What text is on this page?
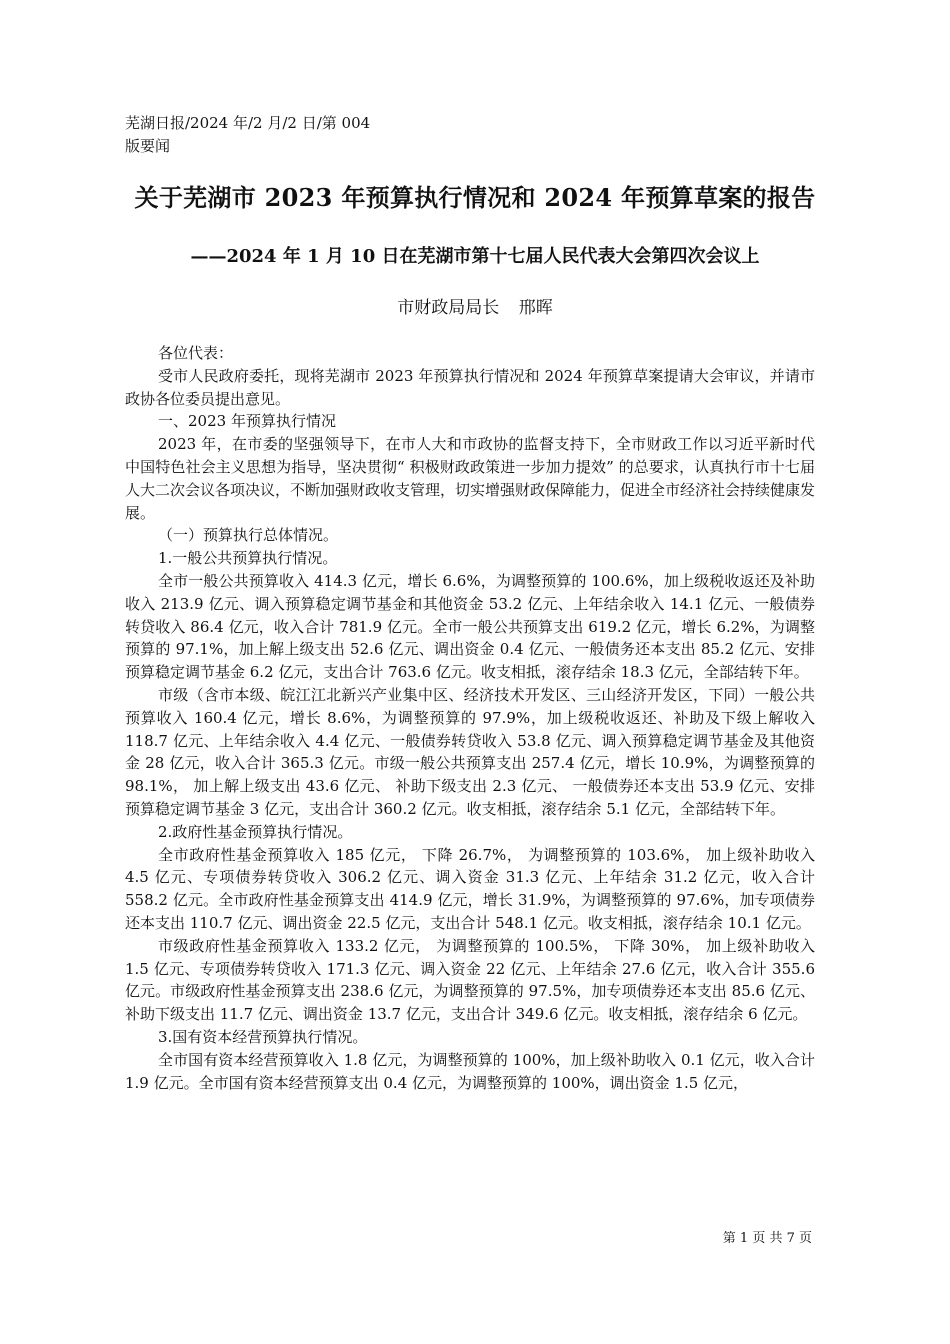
芜湖日报/2024 年/2 月/2 日/第 004 版要闻
关于芜湖市 2023 年预算执行情况和 2024 年预算草案的报告
——2024 年 1 月 10 日在芜湖市第十七届人民代表大会第四次会议上
市财政局局长 邢晖

各位代表：

受市人民政府委托，现将芜湖市 2023 年预算执行情况和 2024 年预算草案提请大会审议，并请市政协各位委员提出意见。

一、2023 年预算执行情况

2023 年，在市委的坚强领导下，在市人大和市政协的监督支持下，全市财政工作以习近平新时代中国特色社会主义思想为指导，坚决贯彻“ 积极财政政策进一步加力提效” 的总要求，认真执行市十七届人大二次会议各项决议，不断加强财政收支管理，切实增强财政保障能力，促进全市经济社会持续健康发展。

（一）预算执行总体情况。

1.一般公共预算执行情况。

全市一般公共预算收入 414.3 亿元，增长 6.6%，为调整预算的 100.6%，加上级税收返还及补助收入 213.9 亿元、调入预算稳定调节基金和其他资金 53.2 亿元、上年结余收入 14.1 亿元、一般债券转贷收入 86.4 亿元，收入合计 781.9 亿元。全市一般公共预算支出 619.2 亿元，增长 6.2%，为调整预算的 97.1%，加上解上级支出 52.6 亿元、调出资金 0.4 亿元、一般债务还本支出 85.2 亿元、安排预算稳定调节基金 6.2 亿元，支出合计 763.6 亿元。收支相抵，滚存结余 18.3 亿元，全部结转下年。

市级（含市本级、皖江江北新兴产业集中区、经济技术开发区、三山经济开发区，下同）一般公共预算收入 160.4 亿元，增长 8.6%，为调整预算的 97.9%，加上级税收返还、补助及下级上解收入 118.7 亿元、上年结余收入 4.4 亿元、一般债券转贷收入 53.8 亿元、调入预算稳定调节基金及其他资金 28 亿元，收入合计 365.3 亿元。市级一般公共预算支出 257.4 亿元，增长 10.9%，为调整预算的 98.1%， 加上解上级支出 43.6 亿元、 补助下级支出 2.3 亿元、 一般债券还本支出 53.9 亿元、安排预算稳定调节基金 3 亿元，支出合计 360.2 亿元。收支相抵，滚存结余 5.1 亿元，全部结转下年。

2.政府性基金预算执行情况。

全市政府性基金预算收入 185 亿元， 下降 26.7%， 为调整预算的 103.6%， 加上级补助收入 4.5 亿元、专项债券转贷收入 306.2 亿元、调入资金 31.3 亿元、上年结余 31.2 亿元，收入合计 558.2 亿元。全市政府性基金预算支出 414.9 亿元，增长 31.9%，为调整预算的 97.6%，加专项债券还本支出 110.7 亿元、调出资金 22.5 亿元，支出合计 548.1 亿元。收支相抵，滚存结余 10.1 亿元。

市级政府性基金预算收入 133.2 亿元， 为调整预算的 100.5%， 下降 30%， 加上级补助收入 1.5 亿元、专项债券转贷收入 171.3 亿元、调入资金 22 亿元、上年结余 27.6 亿元，收入合计 355.6 亿元。市级政府性基金预算支出 238.6 亿元，为调整预算的 97.5%，加专项债券还本支出 85.6 亿元、补助下级支出 11.7 亿元、调出资金 13.7 亿元，支出合计 349.6 亿元。收支相抵，滚存结余 6 亿元。

3.国有资本经营预算执行情况。

全市国有资本经营预算收入 1.8 亿元，为调整预算的 100%，加上级补助收入 0.1 亿元，收入合计 1.9 亿元。全市国有资本经营预算支出 0.4 亿元，为调整预算的 100%，调出资金 1.5 亿元，

第 1 页 共 7 页
